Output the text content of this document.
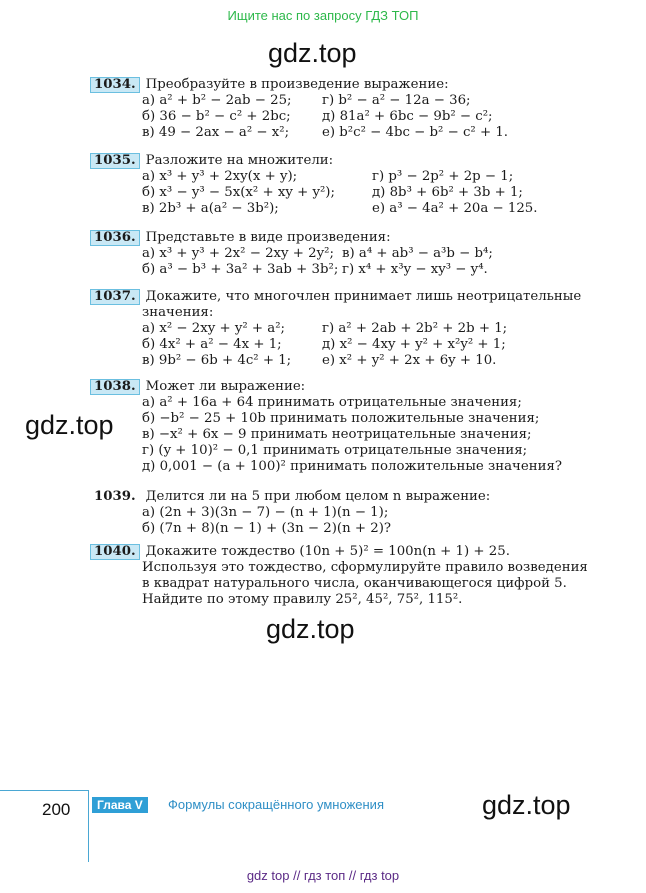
Ищите нас по запросу ГДЗ ТОП
gdz.top
gdz.top
gdz.top
gdz.top
1034. Преобразуйте в произведение выражение:
а) a² + b² − 2ab − 25;	г) b² − a² − 12a − 36;
б) 36 − b² − c² + 2bc;	д) 81a² + 6bc − 9b² − c²;
в) 49 − 2ax − a² − x²;	е) b²c² − 4bc − b² − c² + 1.
1035. Разложите на множители:
а) x³ + y³ + 2xy(x + y);	г) p³ − 2p² + 2p − 1;
б) x³ − y³ − 5x(x² + xy + y²);	д) 8b³ + 6b² + 3b + 1;
в) 2b³ + a(a² − 3b²);	е) a³ − 4a² + 20a − 125.
1036. Представьте в виде произведения:
а) x³ + y³ + 2x² − 2xy + 2y²; в) a⁴ + ab³ − a³b − b⁴;
б) a³ − b³ + 3a² + 3ab + 3b²; г) x⁴ + x³y − xy³ − y⁴.
1037. Докажите, что многочлен принимает лишь неотрицательные
значения:
а) x² − 2xy + y² + a²;	г) a² + 2ab + 2b² + 2b + 1;
б) 4x² + a² − 4x + 1;	д) x² − 4xy + y² + x²y² + 1;
в) 9b² − 6b + 4c² + 1;	е) x² + y² + 2x + 6y + 10.
1038. Может ли выражение:
а) a² + 16a + 64 принимать отрицательные значения;
б) −b² − 25 + 10b принимать положительные значения;
в) −x² + 6x − 9 принимать неотрицательные значения;
г) (y + 10)² − 0,1 принимать отрицательные значения;
д) 0,001 − (a + 100)² принимать положительные значения?
1039. Делится ли на 5 при любом целом n выражение:
а) (2n + 3)(3n − 7) − (n + 1)(n − 1);
б) (7n + 8)(n − 1) + (3n − 2)(n + 2)?
1040. Докажите тождество (10n + 5)² = 100n(n + 1) + 25.
Используя это тождество, сформулируйте правило возведения
в квадрат натурального числа, оканчивающегося цифрой 5.
Найдите по этому правилу 25², 45², 75², 115².
200	Глава V	Формулы сокращённого умножения
gdz top // гдз топ // гдз top
